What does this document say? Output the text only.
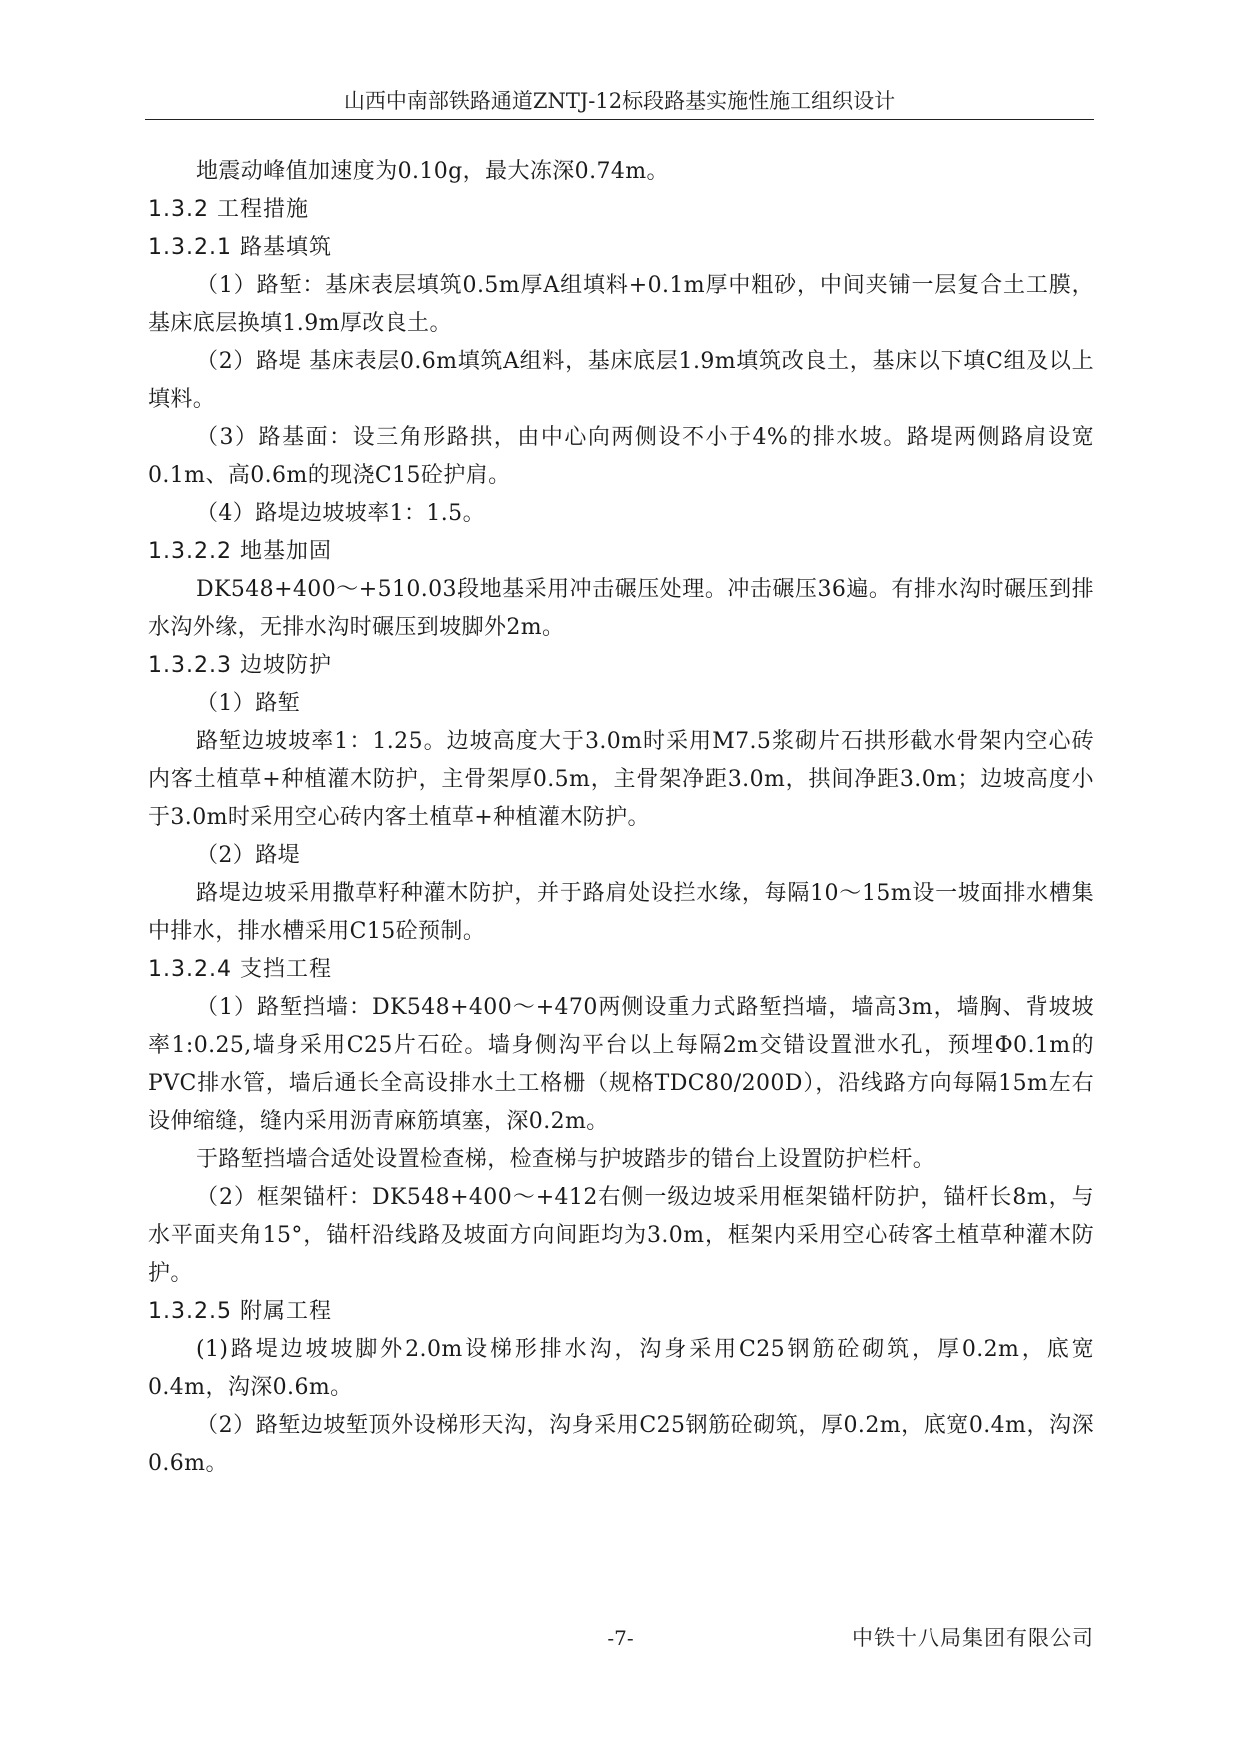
山西中南部铁路通道ZNTJ-12标段路基实施性施工组织设计

地震动峰值加速度为0.10g，最大冻深0.74m。

1.3.2 工程措施

1.3.2.1 路基填筑

（1）路堑：基床表层填筑0.5m厚A组填料+0.1m厚中粗砂，中间夹铺一层复合土工膜，基床底层换填1.9m厚改良土。

（2）路堤 基床表层0.6m填筑A组料，基床底层1.9m填筑改良土，基床以下填C组及以上填料。

（3）路基面：设三角形路拱，由中心向两侧设不小于4%的排水坡。路堤两侧路肩设宽0.1m、高0.6m的现浇C15砼护肩。

（4）路堤边坡坡率1：1.5。

1.3.2.2 地基加固

DK548+400～+510.03段地基采用冲击碾压处理。冲击碾压36遍。有排水沟时碾压到排水沟外缘，无排水沟时碾压到坡脚外2m。

1.3.2.3 边坡防护

（1）路堑

路堑边坡坡率1：1.25。边坡高度大于3.0m时采用M7.5浆砌片石拱形截水骨架内空心砖内客土植草+种植灌木防护，主骨架厚0.5m，主骨架净距3.0m，拱间净距3.0m；边坡高度小于3.0m时采用空心砖内客土植草+种植灌木防护。

（2）路堤

路堤边坡采用撒草籽种灌木防护，并于路肩处设拦水缘，每隔10～15m设一坡面排水槽集中排水，排水槽采用C15砼预制。

1.3.2.4 支挡工程

（1）路堑挡墙：DK548+400～+470两侧设重力式路堑挡墙，墙高3m，墙胸、背坡坡率1:0.25,墙身采用C25片石砼。墙身侧沟平台以上每隔2m交错设置泄水孔，预埋Φ0.1m的PVC排水管，墙后通长全高设排水土工格栅（规格TDC80/200D），沿线路方向每隔15m左右设伸缩缝，缝内采用沥青麻筋填塞，深0.2m。

于路堑挡墙合适处设置检查梯，检查梯与护坡踏步的错台上设置防护栏杆。

（2）框架锚杆：DK548+400～+412右侧一级边坡采用框架锚杆防护，锚杆长8m，与水平面夹角15°，锚杆沿线路及坡面方向间距均为3.0m，框架内采用空心砖客土植草种灌木防护。

1.3.2.5 附属工程

(1)路堤边坡坡脚外2.0m设梯形排水沟，沟身采用C25钢筋砼砌筑，厚0.2m，底宽0.4m，沟深0.6m。

（2）路堑边坡堑顶外设梯形天沟，沟身采用C25钢筋砼砌筑，厚0.2m，底宽0.4m，沟深0.6m。

-7-	中铁十八局集团有限公司
